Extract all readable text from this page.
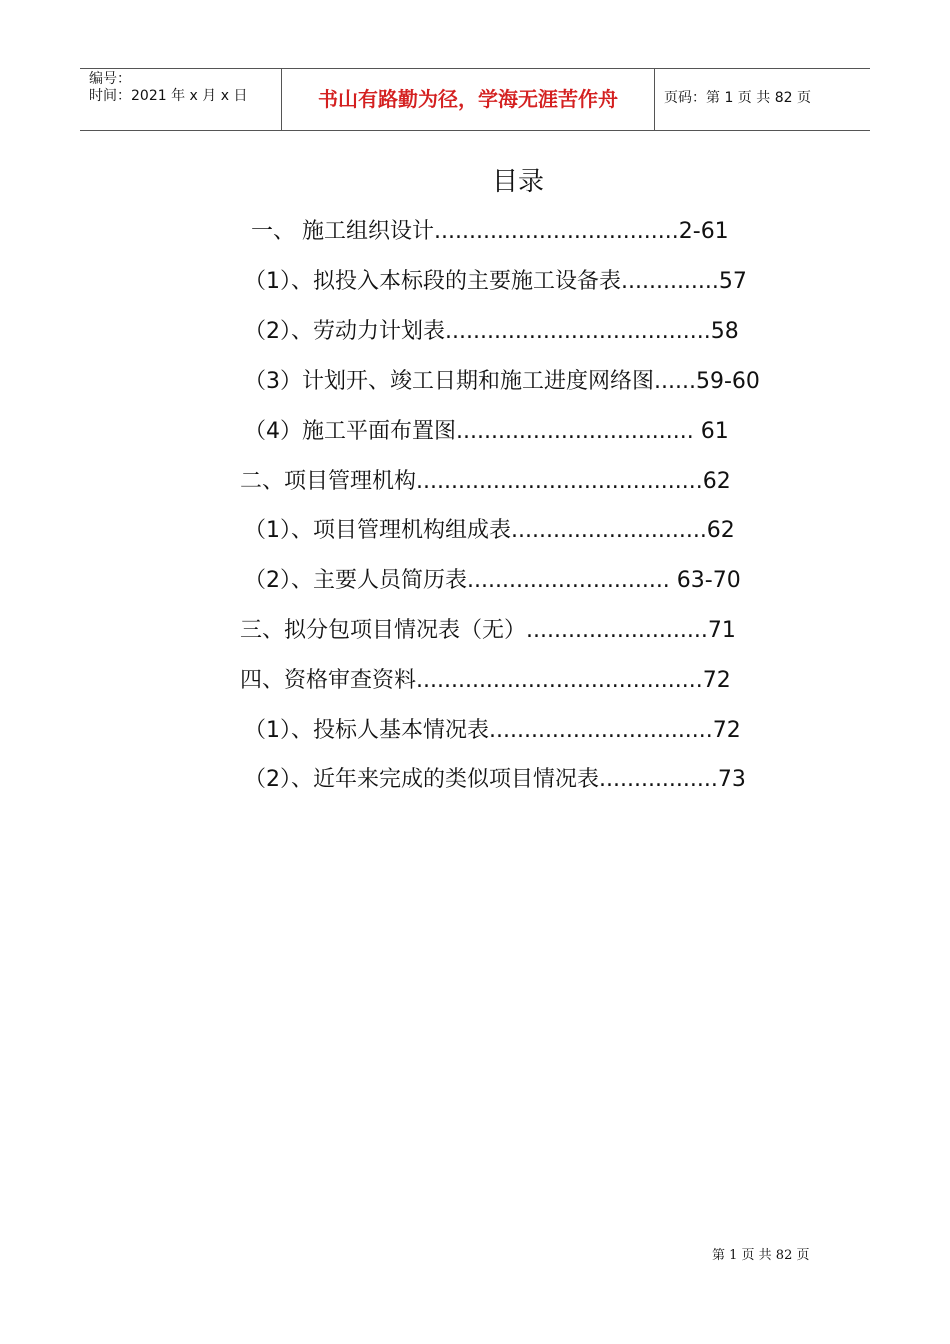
编号：
时间：2021 年 x 月 x 日	书山有路勤为径，学海无涯苦作舟	页码：第 1 页 共 82 页
目录
一、 施工组织设计...................................2-61
（1）、拟投入本标段的主要施工设备表..............57
（2）、劳动力计划表......................................58
（3）计划开、竣工日期和施工进度网络图......59-60
（4）施工平面布置图.................................. 61
二、项目管理机构.........................................62
（1）、项目管理机构组成表............................62
（2）、主要人员简历表............................. 63-70
三、拟分包项目情况表（无）..........................71
四、资格审查资料.........................................72
（1）、投标人基本情况表................................72
（2）、近年来完成的类似项目情况表.................73
第 1 页 共 82 页
